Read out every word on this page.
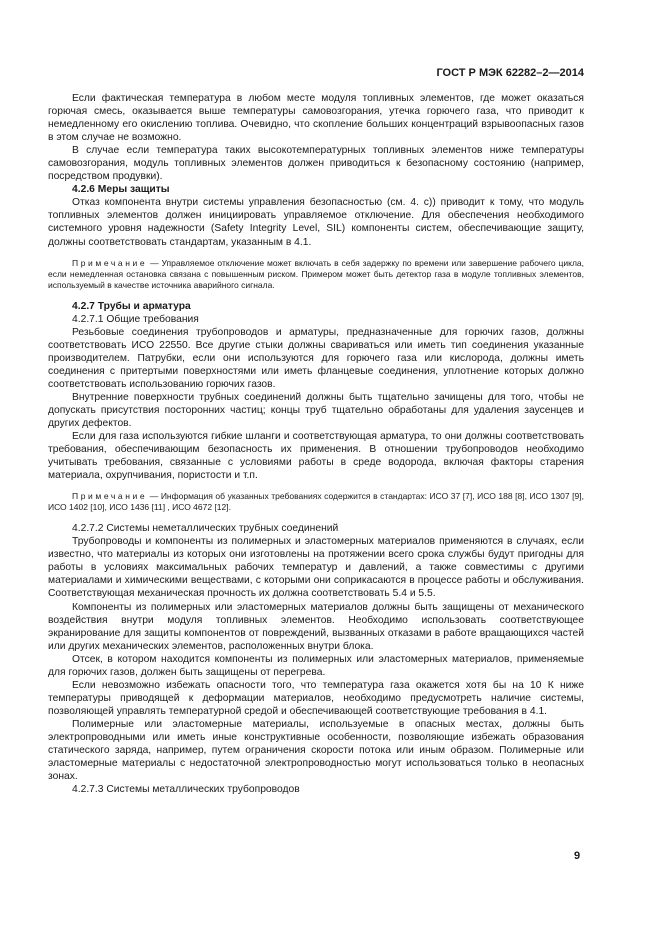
ГОСТ Р МЭК 62282–2—2014

Если фактическая температура в любом месте модуля топливных элементов, где может оказаться горючая смесь, оказывается выше температуры самовозгорания, утечка горючего газа, что приводит к немедленному его окислению топлива. Очевидно, что скопление больших концентраций взрывоопасных газов в этом случае не возможно.

В случае если температура таких высокотемпературных топливных элементов ниже температуры самовозгорания, модуль топливных элементов должен приводиться к безопасному состоянию (например, посредством продувки).

4.2.6 Меры защиты

Отказ компонента внутри системы управления безопасностью (см. 4. с)) приводит к тому, что модуль топливных элементов должен инициировать управляемое отключение. Для обеспечения необходимого системного уровня надежности (Safety Integrity Level, SIL) компоненты систем, обеспечивающие защиту, должны соответствовать стандартам, указанным в 4.1.

Примечание — Управляемое отключение может включать в себя задержку по времени или завершение рабочего цикла, если немедленная остановка связана с повышенным риском. Примером может быть детектор газа в модуле топливных элементов, используемый в качестве источника аварийного сигнала.

4.2.7 Трубы и арматура

4.2.7.1 Общие требования

Резьбовые соединения трубопроводов и арматуры, предназначенные для горючих газов, должны соответствовать ИСО 22550. Все другие стыки должны свариваться или иметь тип соединения указанные производителем. Патрубки, если они используются для горючего газа или кислорода, должны иметь соединения с притертыми поверхностями или иметь фланцевые соединения, уплотнение которых должно соответствовать использованию горючих газов.

Внутренние поверхности трубных соединений должны быть тщательно зачищены для того, чтобы не допускать присутствия посторонних частиц; концы труб тщательно обработаны для удаления заусенцев и других дефектов.

Если для газа используются гибкие шланги и соответствующая арматура, то они должны соответствовать требования, обеспечивающим безопасность их применения. В отношении трубопроводов необходимо учитывать требования, связанные с условиями работы в среде водорода, включая факторы старения материала, охрупчивания, пористости и т.п.

Примечание — Информация об указанных требованиях содержится в стандартах: ИСО 37 [7], ИСО 188 [8], ИСО 1307 [9], ИСО 1402 [10], ИСО 1436 [11] , ИСО 4672 [12].

4.2.7.2 Системы неметаллических трубных соединений

Трубопроводы и компоненты из полимерных и эластомерных материалов применяются в случаях, если известно, что материалы из которых они изготовлены на протяжении всего срока службы будут пригодны для работы в условиях максимальных рабочих температур и давлений, а также совместимы с другими материалами и химическими веществами, с которыми они соприкасаются в процессе работы и обслуживания. Соответствующая механическая прочность их должна соответствовать 5.4 и 5.5.

Компоненты из полимерных или эластомерных материалов должны быть защищены от механического воздействия внутри модуля топливных элементов. Необходимо использовать соответствующее экранирование для защиты компонентов от повреждений, вызванных отказами в работе вращающихся частей или других механических элементов, расположенных внутри блока.

Отсек, в котором находится компоненты из полимерных или эластомерных материалов, применяемые для горючих газов, должен быть защищены от перегрева.

Если невозможно избежать опасности того, что температура газа окажется хотя бы на 10 К ниже температуры приводящей к деформации материалов, необходимо предусмотреть наличие системы, позволяющей управлять температурной средой и обеспечивающей соответствующие требования в 4.1.

Полимерные или эластомерные материалы, используемые в опасных местах, должны быть электропроводными или иметь иные конструктивные особенности, позволяющие избежать образования статического заряда, например, путем ограничения скорости потока или иным образом. Полимерные или эластомерные материалы с недостаточной электропроводностью могут использоваться только в неопасных зонах.

4.2.7.3 Системы металлических трубопроводов

9
